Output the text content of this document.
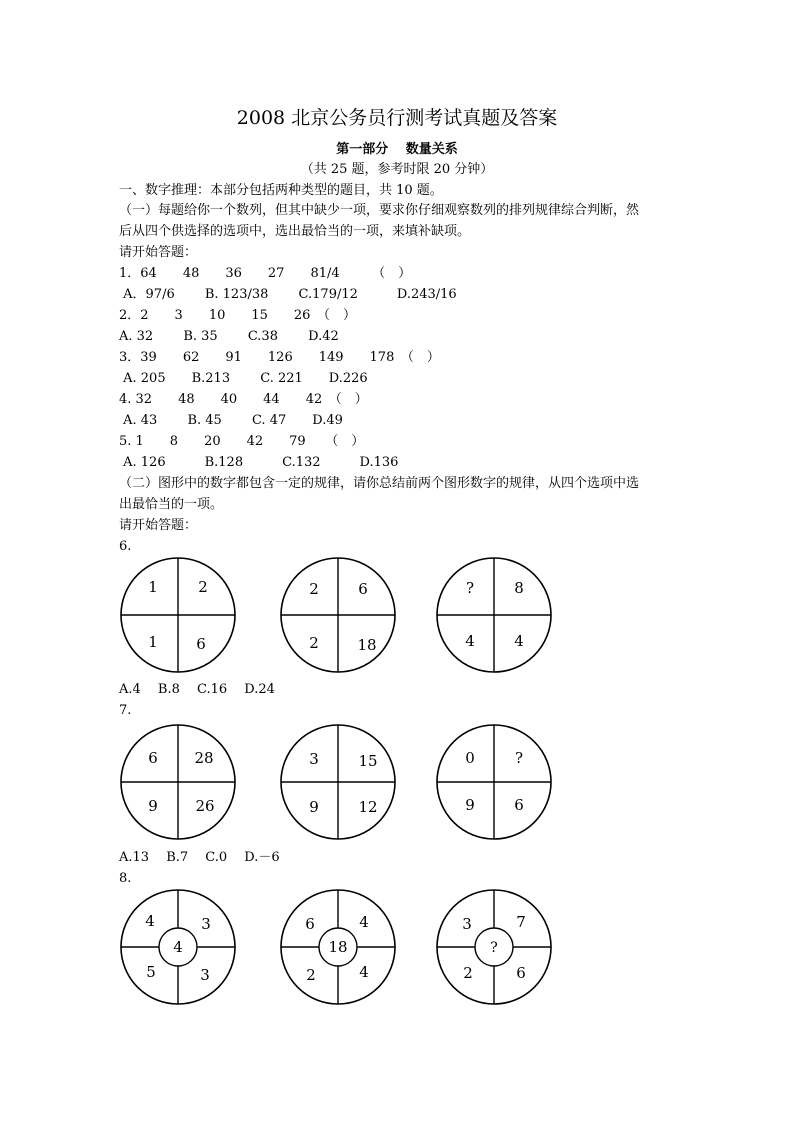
2008 北京公务员行测考试真题及答案
第一部分　 数量关系
（共 25 题，参考时限 20 分钟）
一、数字推理：本部分包括两种类型的题目，共 10 题。
（一）每题给你一个数列，但其中缺少一项，要求你仔细观察数列的排列规律综合判断，然
后从四个供选择的选项中，选出最恰当的一项，来填补缺项。
请开始答题：
1．64　　48　　36　　27　　81/4　　　（　）
A．97/6　　 B. 123/38　　 C.179/12　　　D.243/16
2．2　　3　　10　　15　　26　（　）
A. 32　　 B. 35　　 C.38　　 D.42
3．39　　62　　91　　126　　149　　178　（　）
A. 205　　B.213　　 C. 221　　D.226
4. 32　　48　　40　　44　　42　（　）
A. 43　　 B. 45　　 C. 47　　D.49
5. 1　　8　　20　　42　　79　　（　）
A. 126　　　B.128　　　C.132　　　D.136
（二）图形中的数字都包含一定的规律，请你总结前两个图形数字的规律，从四个选项中选
出最恰当的一项。
请开始答题：
6.
1	2
1	6
2	6
2	18
?	8
4	4
A.4　 B.8　 C.16　 D.24
7.
6 28
9	26
3	15
9	12
0	?
9	6
A.13　 B.7　 C.0　 D.－6
8.
4	3
5	3
4
6	4
2	4
18
3	7
2	6
?
